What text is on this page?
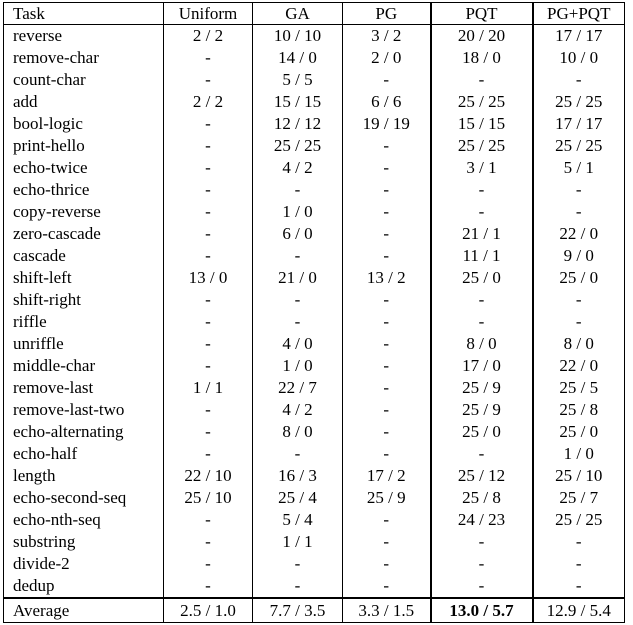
Task	Uniform	GA	PG	PQT	PG+PQT
reverse	2 / 2	10 / 10	3 / 2	20 / 20	17 / 17
remove-char	-	14 / 0	2 / 0	18 / 0	10 / 0
count-char	-	5 / 5	-	-	-
add	2 / 2	15 / 15	6 / 6	25 / 25	25 / 25
bool-logic	-	12 / 12	19 / 19	15 / 15	17 / 17
print-hello	-	25 / 25	-	25 / 25	25 / 25
echo-twice	-	4 / 2	-	3 / 1	5 / 1
echo-thrice	-	-	-	-	-
copy-reverse	-	1 / 0	-	-	-
zero-cascade	-	6 / 0	-	21 / 1	22 / 0
cascade	-	-	-	11 / 1	9 / 0
shift-left	13 / 0	21 / 0	13 / 2	25 / 0	25 / 0
shift-right	-	-	-	-	-
riffle	-	-	-	-	-
unriffle	-	4 / 0	-	8 / 0	8 / 0
middle-char	-	1 / 0	-	17 / 0	22 / 0
remove-last	1 / 1	22 / 7	-	25 / 9	25 / 5
remove-last-two	-	4 / 2	-	25 / 9	25 / 8
echo-alternating	-	8 / 0	-	25 / 0	25 / 0
echo-half	-	-	-	-	1 / 0
length	22 / 10	16 / 3	17 / 2	25 / 12	25 / 10
echo-second-seq	25 / 10	25 / 4	25 / 9	25 / 8	25 / 7
echo-nth-seq	-	5 / 4	-	24 / 23	25 / 25
substring	-	1 / 1	-	-	-
divide-2	-	-	-	-	-
dedup	-	-	-	-	-
Average	2.5 / 1.0	7.7 / 3.5	3.3 / 1.5	13.0 / 5.7	12.9 / 5.4
